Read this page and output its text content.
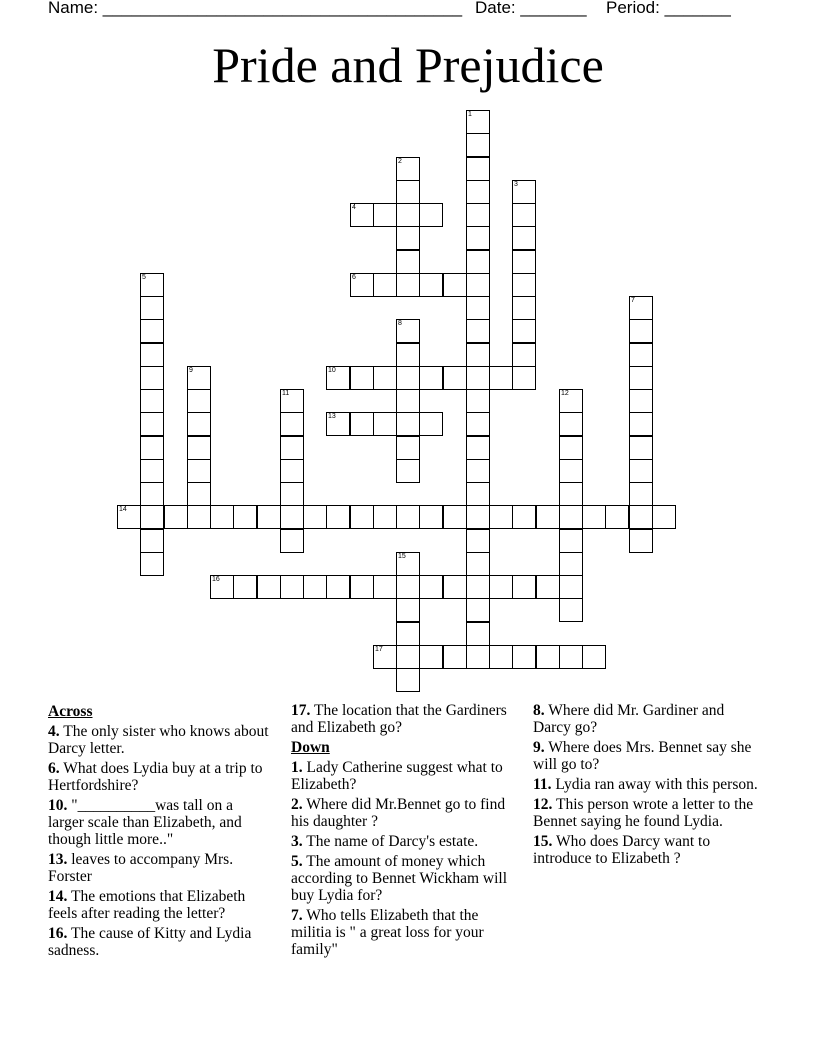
Name: ______________________________________

Date: _______

Period: _______

Pride and Prejudice
1
2
3
4
5	6
7
8
9	10
11	12
13
14
15
16
17
Across
4. The only sister who knows about Darcy letter.
6. What does Lydia buy at a trip to Hertfordshire?
10. "__________was tall on a larger scale than Elizabeth, and though little more.."
13. leaves to accompany Mrs. Forster
14. The emotions that Elizabeth feels after reading the letter?
16. The cause of Kitty and Lydia sadness.
17. The location that the Gardiners and Elizabeth go?
Down
1. Lady Catherine suggest what to Elizabeth?
2. Where did Mr.Bennet go to find his daughter ?
3. The name of Darcy's estate.
5. The amount of money which according to Bennet Wickham will buy Lydia for?
7. Who tells Elizabeth that the militia is " a great loss for your family"
8. Where did Mr. Gardiner and Darcy go?
9. Where does Mrs. Bennet say she will go to?
11. Lydia ran away with this person.
12. This person wrote a letter to the Bennet saying he found Lydia.
15. Who does Darcy want to introduce to Elizabeth ?
